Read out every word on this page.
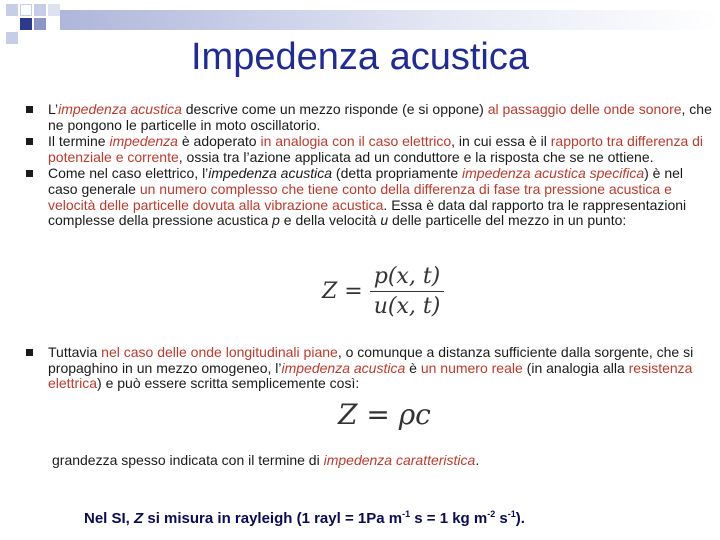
Impedenza acustica
L’impedenza acustica descrive come un mezzo risponde (e si oppone) al passaggio delle onde sonore, che ne pongono le particelle in moto oscillatorio.
Il termine impedenza è adoperato in analogia con il caso elettrico, in cui essa è il rapporto tra differenza di potenziale e corrente, ossia tra l’azione applicata ad un conduttore e la risposta che se ne ottiene.
Come nel caso elettrico, l’impedenza acustica (detta propriamente impedenza acustica specifica) è nel caso generale un numero complesso che tiene conto della differenza di fase tra pressione acustica e velocità delle particelle dovuta alla vibrazione acustica. Essa è data dal rapporto tra le rappresentazioni complesse della pressione acustica p e della velocità u delle particelle del mezzo in un punto:
$Z = \frac{p(x, t)}{u(x, t)}$
Tuttavia nel caso delle onde longitudinali piane, o comunque a distanza sufficiente dalla sorgente, che si propaghino in un mezzo omogeneo, l’impedenza acustica è un numero reale (in analogia alla resistenza elettrica) e può essere scritta semplicemente così:
Z = ρc
grandezza spesso indicata con il termine di impedenza caratteristica.
Nel SI, Z si misura in rayleigh (1 rayl = 1Pa $m^{-1}$ s = 1 kg $m^{-2}$ $s^{-1}$).
